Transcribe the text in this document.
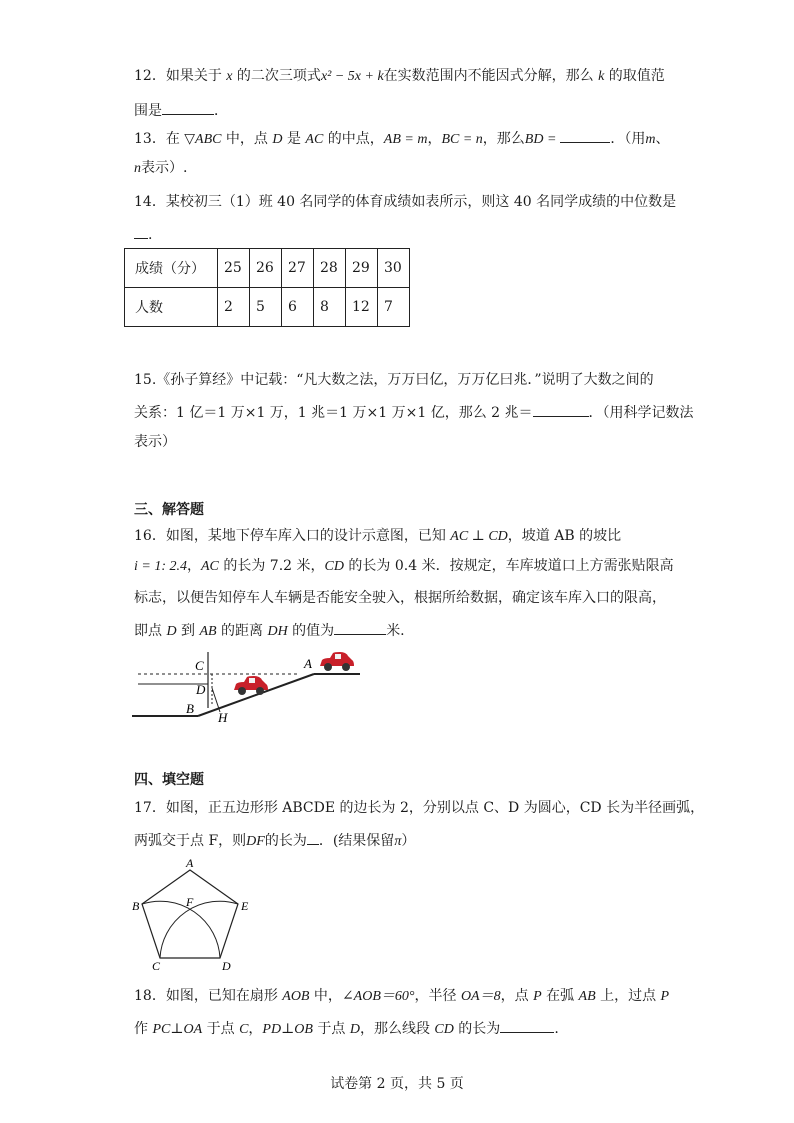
12．如果关于 x 的二次三项式x² − 5x + k在实数范围内不能因式分解，那么 k 的取值范
围是	．
13．在 ▽ABC 中，点 D 是 AC 的中点，AB = m，BC = n，那么BD =	．（用m、
n表示）.
14．某校初三（1）班 40 名同学的体育成绩如表所示，则这 40 名同学成绩的中位数是
.
成绩（分）	25	26	27	28	29	30
人数	2	5	6	8	12	7
15.《孙子算经》中记载：“凡大数之法，万万曰亿，万万亿曰兆．”说明了大数之间的
关系：1 亿＝1 万×1 万，1 兆＝1 万×1 万×1 亿，那么 2 兆＝	．（用科学记数法
表示）
三、解答题
16．如图，某地下停车库入口的设计示意图，已知 AC ⊥ CD，坡道 AB 的坡比
i = 1: 2.4，AC 的长为 7.2 米，CD 的长为 0.4 米．按规定，车库坡道口上方需张贴限高
标志，以便告知停车人车辆是否能安全驶入，根据所给数据，确定该车库入口的限高，
即点 D 到 AB 的距离 DH 的值为	米.
C	A
D
B
H
四、填空题
17．如图，正五边形形 ABCDE 的边长为 2，分别以点 C、D 为圆心，CD 长为半径画弧，
两弧交于点 F，则DF的长为 ．(结果保留π）
A
B	F	E
C	D
18．如图，已知在扇形 AOB 中，∠AOB＝60°，半径 OA＝8，点 P 在弧 AB 上，过点 P
作 PC⊥OA 于点 C，PD⊥OB 于点 D，那么线段 CD 的长为	.
试卷第 2 页，共 5 页
